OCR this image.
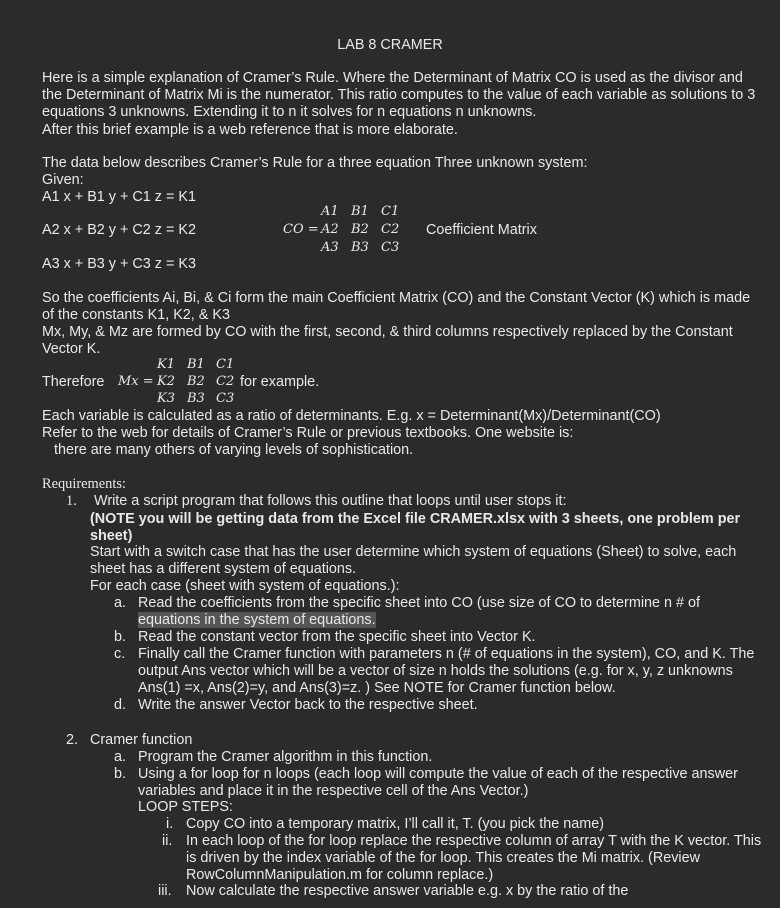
LAB 8 CRAMER
Here is a simple explanation of Cramer’s Rule. Where the Determinant of Matrix CO is used as the divisor and the Determinant of Matrix Mi is the numerator. This ratio computes to the value of each variable as solutions to 3 equations 3 unknowns. Extending it to n it solves for n equations n unknowns.
After this brief example is a web reference that is more elaborate.
The data below describes Cramer’s Rule for a three equation Three unknown system:
Given:
A1 x + B1 y + C1 z = K1
A2 x + B2 y + C2 z = K2
A3 x + B3 y + C3 z = K3
CO =
A1 B1 C1
A2 B2 C2
A3 B3 C3
Coefficient Matrix
So the coefficients Ai, Bi, & Ci form the main Coefficient Matrix (CO) and the Constant Vector (K) which is made of the constants K1, K2, & K3
Mx, My, & Mz are formed by CO with the first, second, & third columns respectively replaced by the Constant Vector K.
Therefore Mx =
K1 B1 C1
K2 B2 C2
K3 B3 C3
for example.
Each variable is calculated as a ratio of determinants. E.g. x = Determinant(Mx)/Determinant(CO)
Refer to the web for details of Cramer’s Rule or previous textbooks. One website is:
there are many others of varying levels of sophistication.
Requirements:
1. Write a script program that follows this outline that loops until user stops it:
(NOTE you will be getting data from the Excel file CRAMER.xlsx with 3 sheets, one problem per sheet)
Start with a switch case that has the user determine which system of equations (Sheet) to solve, each sheet has a different system of equations.
For each case (sheet with system of equations.):
a. Read the coefficients from the specific sheet into CO (use size of CO to determine n # of
equations in the system of equations.
b. Read the constant vector from the specific sheet into Vector K.
c. Finally call the Cramer function with parameters n (# of equations in the system), CO, and K. The output Ans vector which will be a vector of size n holds the solutions (e.g. for x, y, z unknowns Ans(1) =x, Ans(2)=y, and Ans(3)=z. ) See NOTE for Cramer function below.
d. Write the answer Vector back to the respective sheet.
2. Cramer function
a. Program the Cramer algorithm in this function.
b. Using a for loop for n loops (each loop will compute the value of each of the respective answer variables and place it in the respective cell of the Ans Vector.)
LOOP STEPS:
i. Copy CO into a temporary matrix, I’ll call it, T. (you pick the name)
ii. In each loop of the for loop replace the respective column of array T with the K vector. This is driven by the index variable of the for loop. This creates the Mi matrix. (Review RowColumnManipulation.m for column replace.)
iii. Now calculate the respective answer variable e.g. x by the ratio of the
